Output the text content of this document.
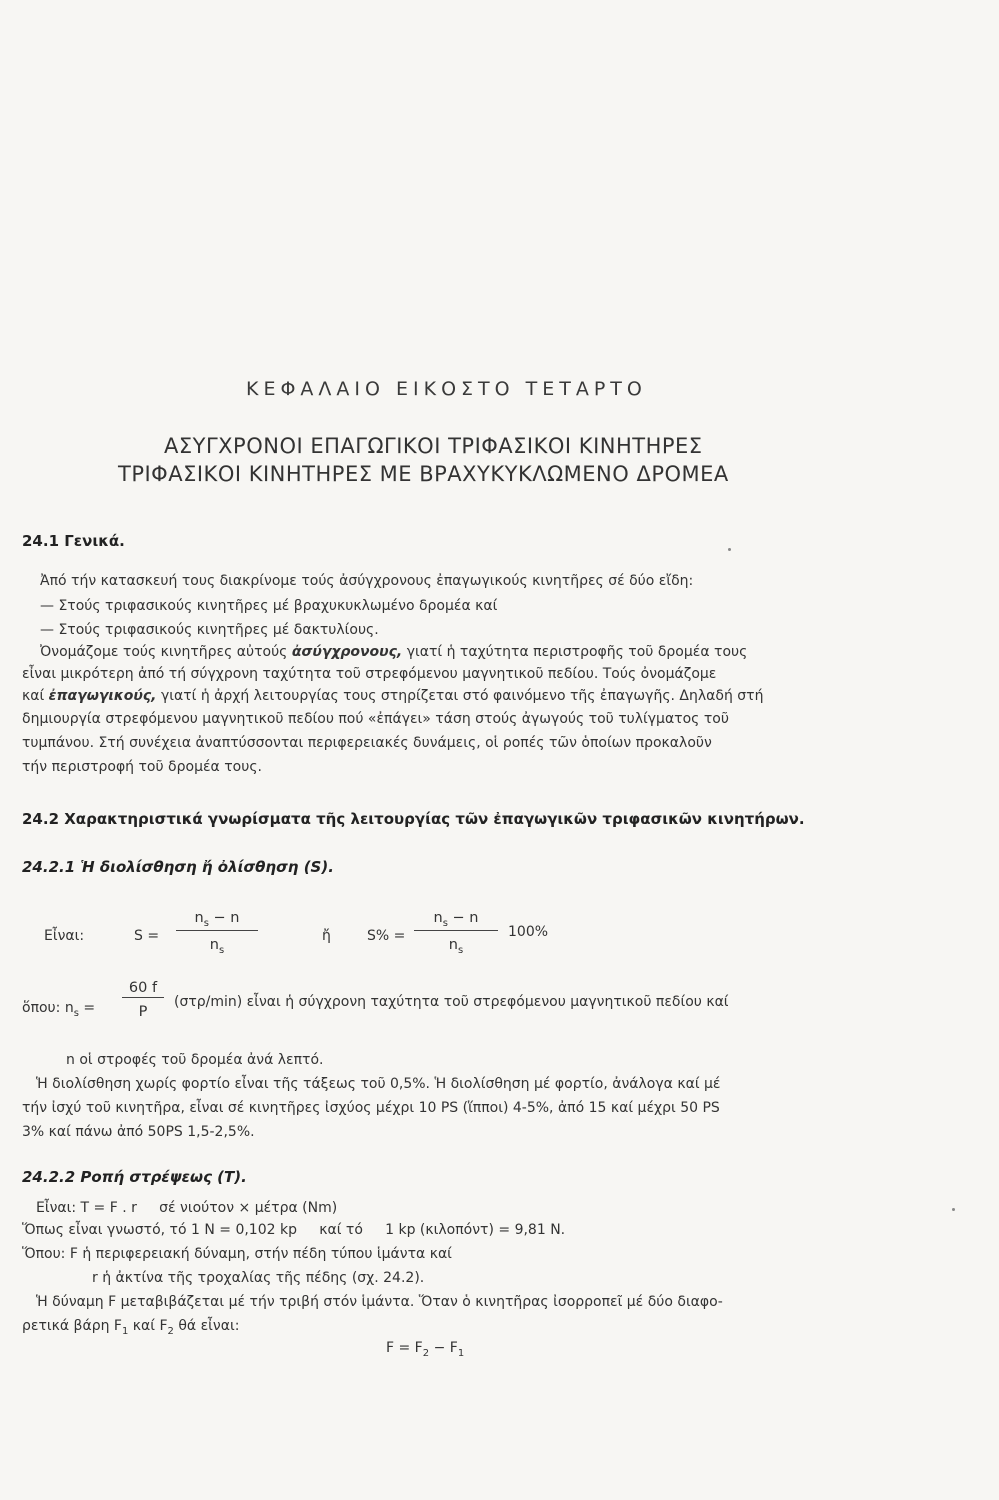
ΚΕΦΑΛΑΙΟ ΕΙΚΟΣΤΟ ΤΕΤΑΡΤΟ
ΑΣΥΓΧΡΟΝΟΙ ΕΠΑΓΩΓΙΚΟΙ ΤΡΙΦΑΣΙΚΟΙ ΚΙΝΗΤΗΡΕΣ
ΤΡΙΦΑΣΙΚΟΙ ΚΙΝΗΤΗΡΕΣ ΜΕ ΒΡΑΧΥΚΥΚΛΩΜΕΝΟ ΔΡΟΜΕΑ
24.1 Γενικά.
Ἀπό τήν κατασκευή τους διακρίνομε τούς ἀσύγχρονους ἐπαγωγικούς κινητῆρες σέ δύο εἴδη:
— Στούς τριφασικούς κινητῆρες μέ βραχυκυκλωμένο δρομέα καί
— Στούς τριφασικούς κινητῆρες μέ δακτυλίους.
Ὀνομάζομε τούς κινητῆρες αὐτούς ἀσύγχρονους, γιατί ἡ ταχύτητα περιστροφῆς τοῦ δρομέα τους
εἶναι μικρότερη ἀπό τή σύγχρονη ταχύτητα τοῦ στρεφόμενου μαγνητικοῦ πεδίου. Τούς ὀνομάζομε
καί ἐπαγωγικούς, γιατί ἡ ἀρχή λειτουργίας τους στηρίζεται στό φαινόμενο τῆς ἐπαγωγῆς. Δηλαδή στή
δημιουργία στρεφόμενου μαγνητικοῦ πεδίου πού «ἐπάγει» τάση στούς ἀγωγούς τοῦ τυλίγματος τοῦ
τυμπάνου. Στή συνέχεια ἀναπτύσσονται περιφερειακές δυνάμεις, οἱ ροπές τῶν ὁποίων προκαλοῦν
τήν περιστροφή τοῦ δρομέα τους.
24.2 Χαρακτηριστικά γνωρίσματα τῆς λειτουργίας τῶν ἐπαγωγικῶν τριφασικῶν κινητήρων.
24.2.1 Ἡ διολίσθηση ἤ ὀλίσθηση (S).
Εἶναι:	S =
$n_s - n$
$n_s$
ἤ	S% =
$n_s - n$
$n_s$
100%
ὅπου: $n_s$ =
60 f
P
(στρ/min) εἶναι ἡ σύγχρονη ταχύτητα τοῦ στρεφόμενου μαγνητικοῦ πεδίου καί
n οἱ στροφές τοῦ δρομέα ἀνά λεπτό.
Ἡ διολίσθηση χωρίς φορτίο εἶναι τῆς τάξεως τοῦ 0,5%. Ἡ διολίσθηση μέ φορτίο, ἀνάλογα καί μέ
τήν ἰσχύ τοῦ κινητῆρα, εἶναι σέ κινητῆρες ἰσχύος μέχρι 10 PS (ἵπποι) 4-5%, ἀπό 15 καί μέχρι 50 PS
3% καί πάνω ἀπό 50PS 1,5-2,5%.
24.2.2 Ροπή στρέψεως (T).
Εἶναι: T = F . r     σέ νιούτον × μέτρα (Nm)
Ὅπως εἶναι γνωστό, τό 1 N = 0,102 kp     καί τό     1 kp (κιλοπόντ) = 9,81 N.
Ὅπου: F ἡ περιφερειακή δύναμη, στήν πέδη τύπου ἱμάντα καί
r ἡ ἀκτίνα τῆς τροχαλίας τῆς πέδης (σχ. 24.2).
Ἡ δύναμη F μεταβιβάζεται μέ τήν τριβή στόν ἱμάντα. Ὅταν ὁ κινητῆρας ἰσορροπεῖ μέ δύο διαφο-
ρετικά βάρη $F_1$ καί $F_2$ θά εἶναι:
$F = F_2 - F_1$
